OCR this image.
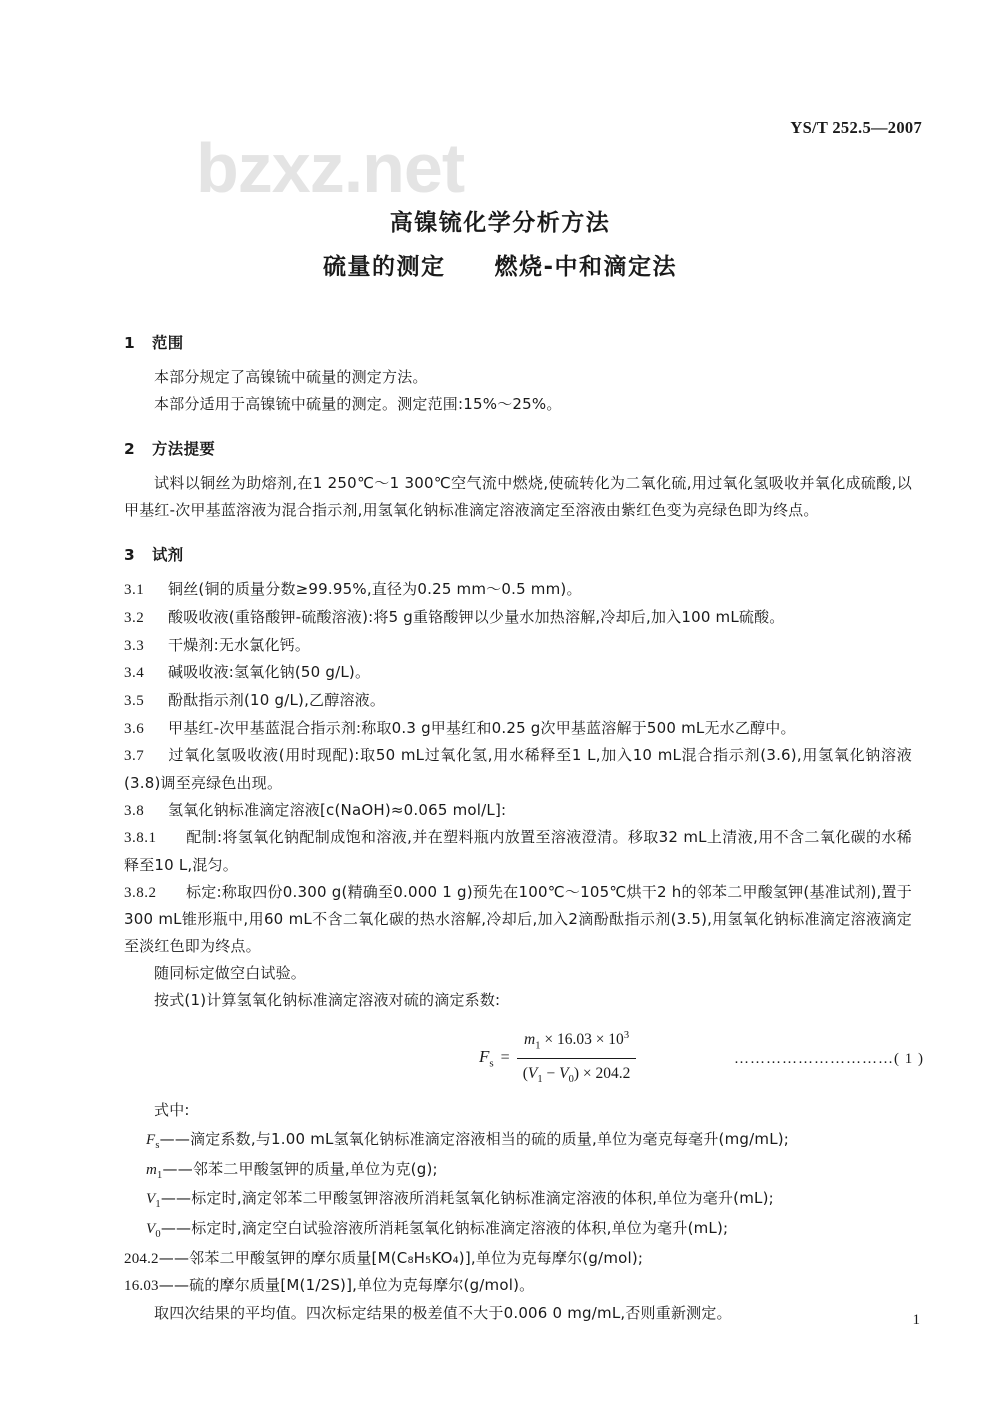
bzxz.net
YS/T 252.5—2007
高镍锍化学分析方法
硫量的测定　　燃烧-中和滴定法
1 范围

本部分规定了高镍锍中硫量的测定方法。

本部分适用于高镍锍中硫量的测定。测定范围:15%～25%。

2 方法提要

试料以铜丝为助熔剂,在1 250℃～1 300℃空气流中燃烧,使硫转化为二氧化硫,用过氧化氢吸收并氧化成硫酸,以甲基红-次甲基蓝溶液为混合指示剂,用氢氧化钠标准滴定溶液滴定至溶液由紫红色变为亮绿色即为终点。

3 试剂
3.1 铜丝(铜的质量分数≥99.95%,直径为0.25 mm～0.5 mm)。
3.2 酸吸收液(重铬酸钾-硫酸溶液):将5 g重铬酸钾以少量水加热溶解,冷却后,加入100 mL硫酸。
3.3 干燥剂:无水氯化钙。
3.4 碱吸收液:氢氧化钠(50 g/L)。
3.5 酚酞指示剂(10 g/L),乙醇溶液。
3.6 甲基红-次甲基蓝混合指示剂:称取0.3 g甲基红和0.25 g次甲基蓝溶解于500 mL无水乙醇中。
3.7 过氧化氢吸收液(用时现配):取50 mL过氧化氢,用水稀释至1 L,加入10 mL混合指示剂(3.6),用氢氧化钠溶液(3.8)调至亮绿色出现。
3.8 氢氧化钠标准滴定溶液[c(NaOH)≈0.065 mol/L]:
3.8.1 配制:将氢氧化钠配制成饱和溶液,并在塑料瓶内放置至溶液澄清。移取32 mL上清液,用不含二氧化碳的水稀释至10 L,混匀。
3.8.2 标定:称取四份0.300 g(精确至0.000 1 g)预先在100℃～105℃烘干2 h的邻苯二甲酸氢钾(基准试剂),置于300 mL锥形瓶中,用60 mL不含二氧化碳的热水溶解,冷却后,加入2滴酚酞指示剂(3.5),用氢氧化钠标准滴定溶液滴定至淡红色即为终点。

随同标定做空白试验。

按式(1)计算氢氧化钠标准滴定溶液对硫的滴定系数:

$F_s = \frac{m_1 \times 16.03 \times 10^3}{(V_1 - V_0) \times 204.2}$	…………………………( 1 )

式中:

$F_s——$滴定系数,与1.00 mL氢氧化钠标准滴定溶液相当的硫的质量,单位为毫克每毫升(mg/mL);
$m_1——$邻苯二甲酸氢钾的质量,单位为克(g);
$V_1——$标定时,滴定邻苯二甲酸氢钾溶液所消耗氢氧化钠标准滴定溶液的体积,单位为毫升(mL);
$V_0——$标定时,滴定空白试验溶液所消耗氢氧化钠标准滴定溶液的体积,单位为毫升(mL);
204.2——邻苯二甲酸氢钾的摩尔质量[M(C₈H₅KO₄)],单位为克每摩尔(g/mol);
16.03——硫的摩尔质量[M(1/2S)],单位为克每摩尔(g/mol)。

取四次结果的平均值。四次标定结果的极差值不大于0.006 0 mg/mL,否则重新测定。	1
